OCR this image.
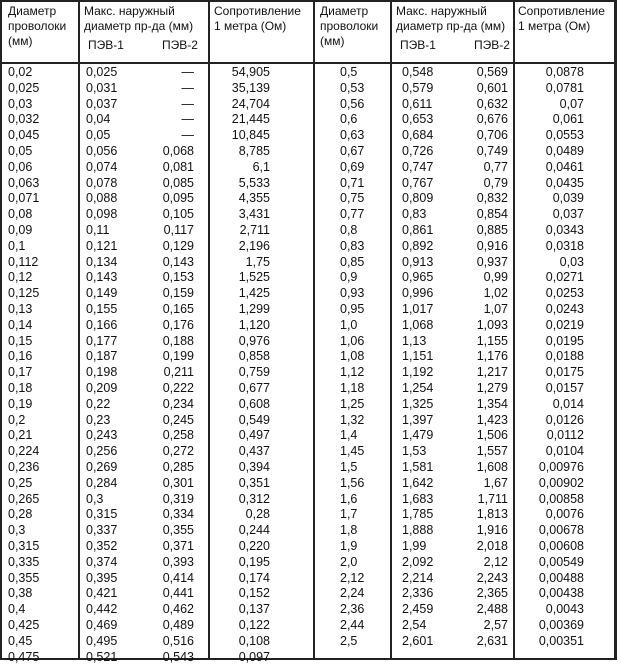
Диаметр
проволоки
(мм)
Макс. наружный
диаметр пр-да (мм)
ПЭВ-1	ПЭВ-2
Сопротивление
1 метра (Ом)
Диаметр
проволоки
(мм)
Макс. наружный
диаметр пр-да (мм)
ПЭВ-1	ПЭВ-2
Сопротивление
1 метра (Ом)
0,02	0,025	—	54,905
0,025	0,031	—	35,139
0,03	0,037	—	24,704
0,032	0,04	—	21,445
0,045	0,05	—	10,845
0,05	0,056	0,068	8,785
0,06	0,074	0,081	6,1
0,063	0,078	0,085	5,533
0,071	0,088	0,095	4,355
0,08	0,098	0,105	3,431
0,09	0,11	0,117	2,711
0,1	0,121	0,129	2,196
0,112	0,134	0,143	1,75
0,12	0,143	0,153	1,525
0,125	0,149	0,159	1,425
0,13	0,155	0,165	1,299
0,14	0,166	0,176	1,120
0,15	0,177	0,188	0,976
0,16	0,187	0,199	0,858
0,17	0,198	0,211	0,759
0,18	0,209	0,222	0,677
0,19	0,22	0,234	0,608
0,2	0,23	0,245	0,549
0,21	0,243	0,258	0,497
0,224	0,256	0,272	0,437
0,236	0,269	0,285	0,394
0,25	0,284	0,301	0,351
0,265	0,3	0,319	0,312
0,28	0,315	0,334	0,28
0,3	0,337	0,355	0,244
0,315	0,352	0,371	0,220
0,335	0,374	0,393	0,195
0,355	0,395	0,414	0,174
0,38	0,421	0,441	0,152
0,4	0,442	0,462	0,137
0,425	0,469	0,489	0,122
0,45	0,495	0,516	0,108
0,475	0,521	0,543	0,097
0,5	0,548	0,569	0,0878
0,53	0,579	0,601	0,0781
0,56	0,611	0,632	0,07
0,6	0,653	0,676	0,061
0,63	0,684	0,706	0,0553
0,67	0,726	0,749	0,0489
0,69	0,747	0,77	0,0461
0,71	0,767	0,79	0,0435
0,75	0,809	0,832	0,039
0,77	0,83	0,854	0,037
0,8	0,861	0,885	0,0343
0,83	0,892	0,916	0,0318
0,85	0,913	0,937	0,03
0,9	0,965	0,99	0,0271
0,93	0,996	1,02	0,0253
0,95	1,017	1,07	0,0243
1,0	1,068	1,093	0,0219
1,06	1,13	1,155	0,0195
1,08	1,151	1,176	0,0188
1,12	1,192	1,217	0,0175
1,18	1,254	1,279	0,0157
1,25	1,325	1,354	0,014
1,32	1,397	1,423	0,0126
1,4	1,479	1,506	0,0112
1,45	1,53	1,557	0,0104
1,5	1,581	1,608	0,00976
1,56	1,642	1,67	0,00902
1,6	1,683	1,711	0,00858
1,7	1,785	1,813	0,0076
1,8	1,888	1,916	0,00678
1,9	1,99	2,018	0,00608
2,0	2,092	2,12	0,00549
2,12	2,214	2,243	0,00488
2,24	2,336	2,365	0,00438
2,36	2,459	2,488	0,0043
2,44	2,54	2,57	0,00369
2,5	2,601	2,631	0,00351
